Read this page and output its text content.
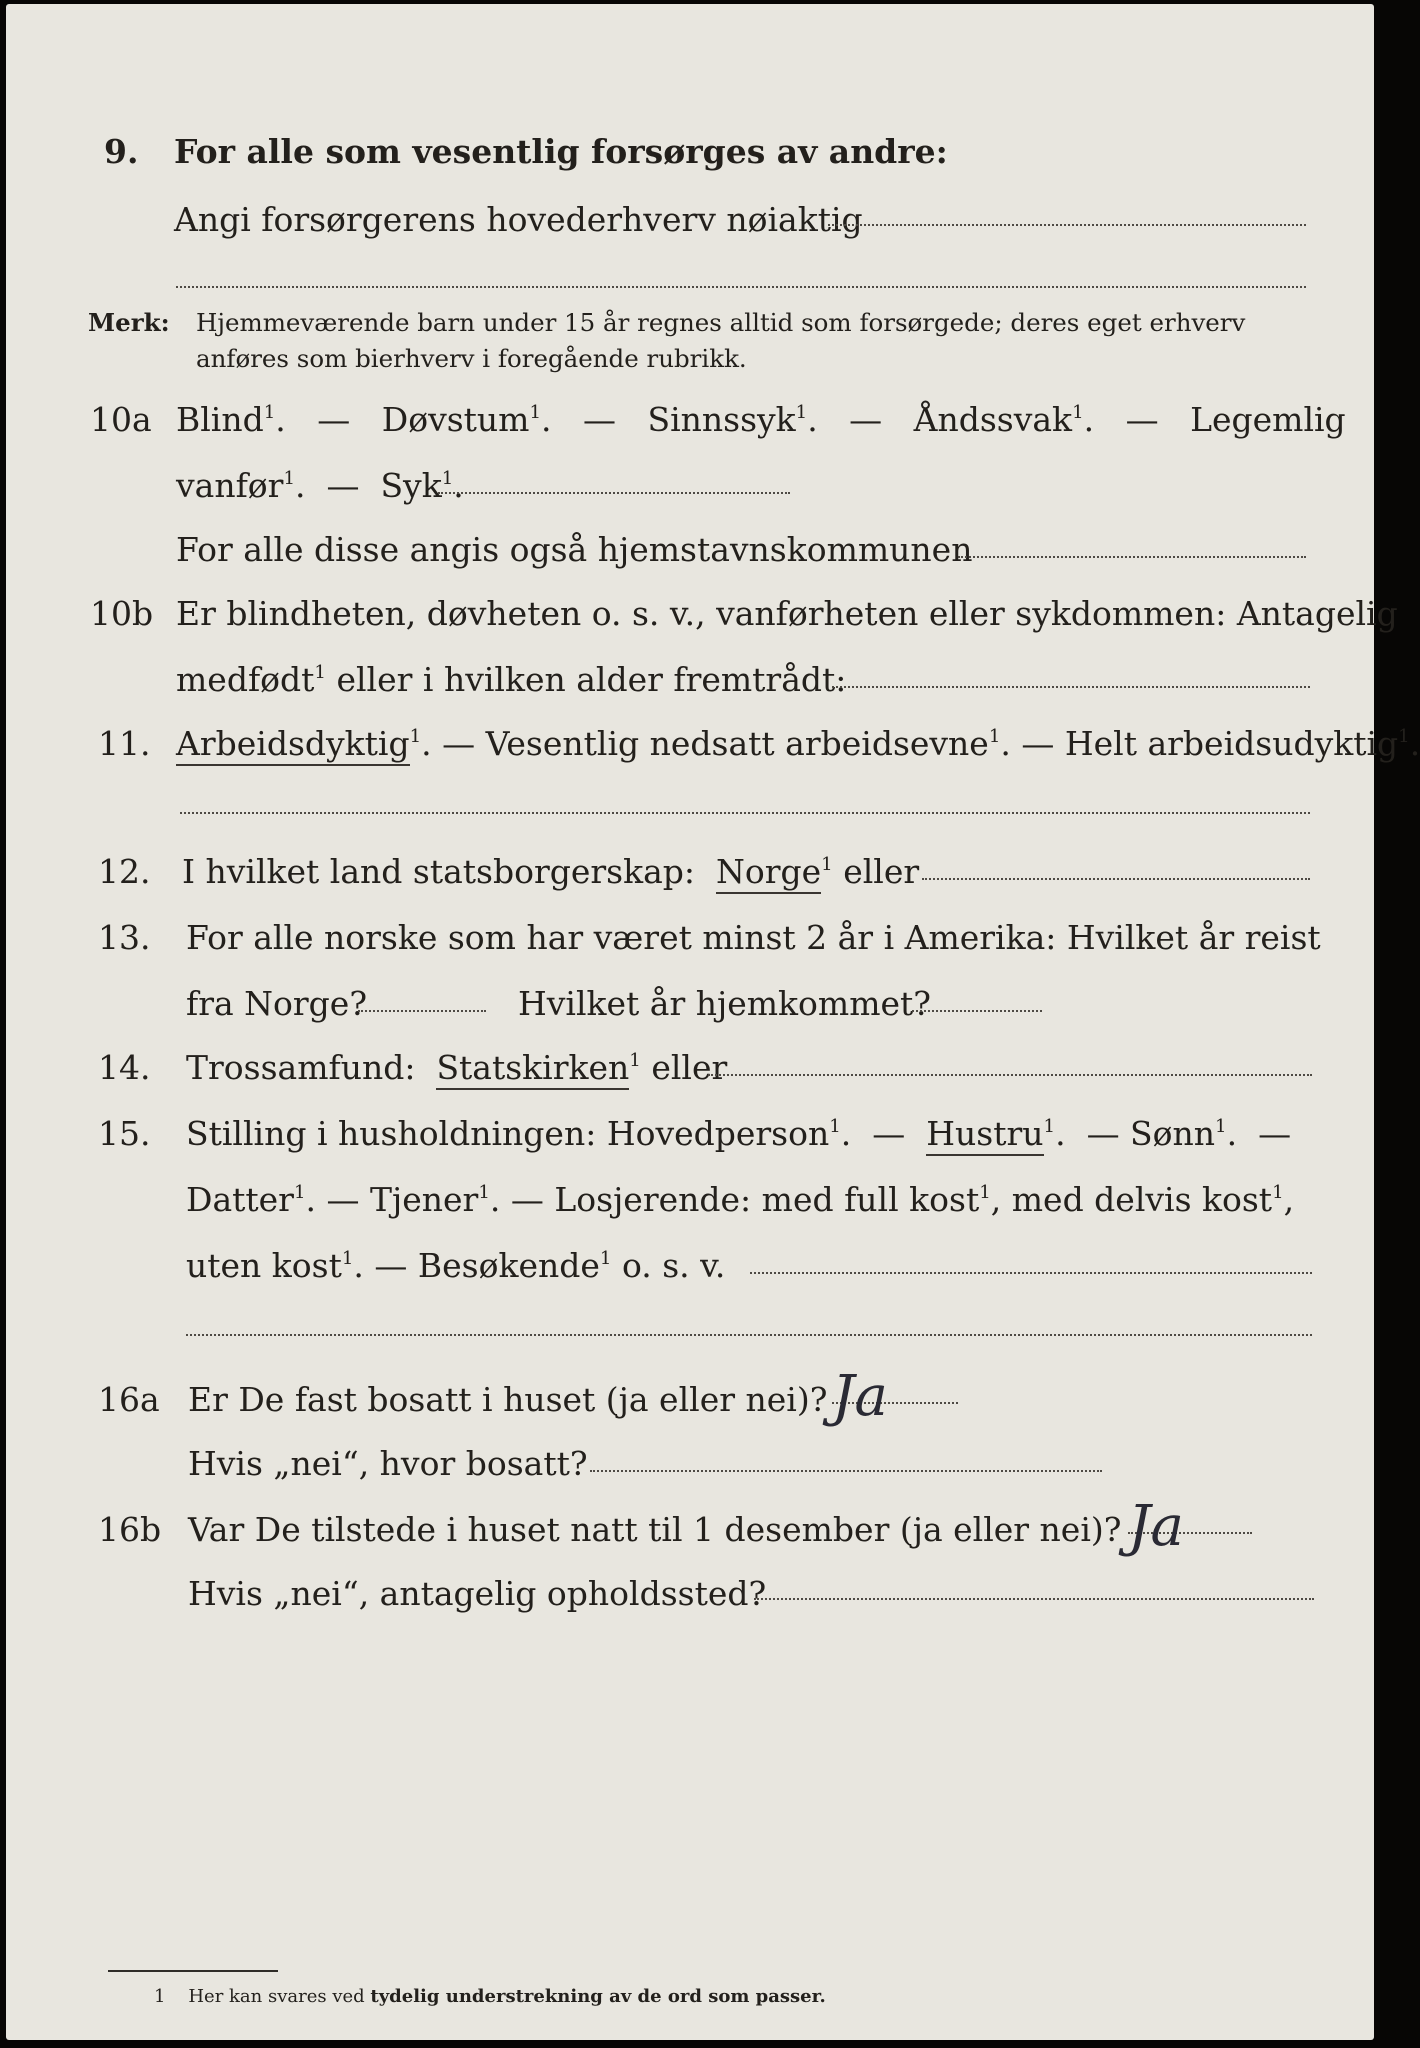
9. For alle som vesentlig forsørges av andre:
Angi forsørgerens hovederhverv nøiaktig
Merk: Hjemmeværende barn under 15 år regnes alltid som forsørgede; deres eget erhverv
anføres som bierhverv i foregående rubrikk.
10a Blind$^1$.   — Døvstum$^1$.   — Sinnssyk$^1$.   — Åndssvak$^1$.   — Legemlig
vanfør$^1$.  — Syk$^1$.
For alle disse angis også hjemstavnskommunen
10b Er blindheten, døvheten o. s. v., vanførheten eller sykdommen: Antagelig
medfødt$^1$ eller i hvilken alder fremtrådt:
11. Arbeidsdyktig$^1$. — Vesentlig nedsatt arbeidsevne$^1$. — Helt arbeidsudyktig$^1$.
12. I hvilket land statsborgerskap: Norge$^1$ eller
13. For alle norske som har været minst 2 år i Amerika: Hvilket år reist
fra Norge?	Hvilket år hjemkommet?
14. Trossamfund: Statskirken$^1$ eller
15. Stilling i husholdningen: Hovedperson$^1$.  — Hustru$^1$.  — Sønn$^1$.  —
Datter$^1$. — Tjener$^1$. — Losjerende: med full kost$^1$, med delvis kost$^1$,
uten kost$^1$. — Besøkende$^1$ o. s. v.
16a Er De fast bosatt i huset (ja eller nei)? Ja
Hvis „nei“, hvor bosatt?
16b Var De tilstede i huset natt til 1 desember (ja eller nei)? Ja
Hvis „nei“, antagelig opholdssted?
1 Her kan svares ved tydelig understrekning av de ord som passer.
